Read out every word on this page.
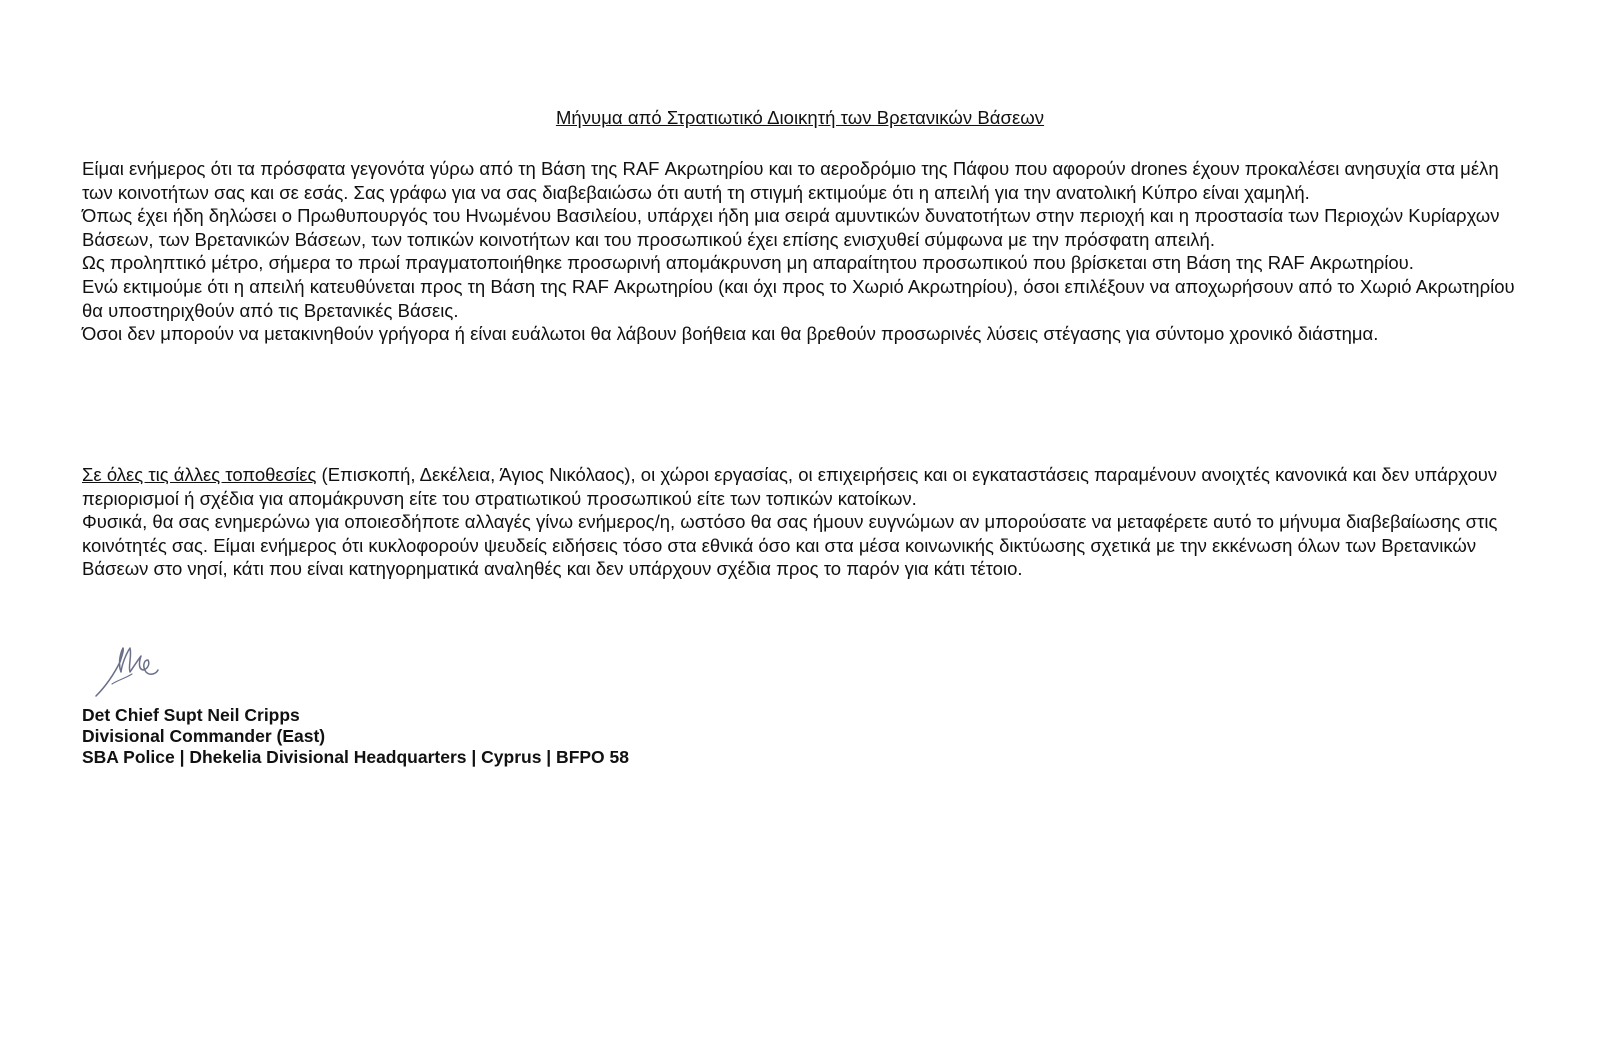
Μήνυμα από Στρατιωτικό Διοικητή των Βρετανικών Βάσεων

Είμαι ενήμερος ότι τα πρόσφατα γεγονότα γύρω από τη Βάση της RAF Ακρωτηρίου και το αεροδρόμιο της Πάφου που αφορούν drones έχουν προκαλέσει ανησυχία στα μέλη των κοινοτήτων σας και σε εσάς. Σας γράφω για να σας διαβεβαιώσω ότι αυτή τη στιγμή εκτιμούμε ότι η απειλή για την ανατολική Κύπρο είναι χαμηλή.

Όπως έχει ήδη δηλώσει ο Πρωθυπουργός του Ηνωμένου Βασιλείου, υπάρχει ήδη μια σειρά αμυντικών δυνατοτήτων στην περιοχή και η προστασία των Περιοχών Κυρίαρχων Βάσεων, των Βρετανικών Βάσεων, των τοπικών κοινοτήτων και του προσωπικού έχει επίσης ενισχυθεί σύμφωνα με την πρόσφατη απειλή.

Ως προληπτικό μέτρο, σήμερα το πρωί πραγματοποιήθηκε προσωρινή απομάκρυνση μη απαραίτητου προσωπικού που βρίσκεται στη Βάση της RAF Ακρωτηρίου.

Ενώ εκτιμούμε ότι η απειλή κατευθύνεται προς τη Βάση της RAF Ακρωτηρίου (και όχι προς το Χωριό Ακρωτηρίου), όσοι επιλέξουν να αποχωρήσουν από το Χωριό Ακρωτηρίου θα υποστηριχθούν από τις Βρετανικές Βάσεις.

Όσοι δεν μπορούν να μετακινηθούν γρήγορα ή είναι ευάλωτοι θα λάβουν βοήθεια και θα βρεθούν προσωρινές λύσεις στέγασης για σύντομο χρονικό διάστημα.

Σε όλες τις άλλες τοποθεσίες (Επισκοπή, Δεκέλεια, Άγιος Νικόλαος), οι χώροι εργασίας, οι επιχειρήσεις και οι εγκαταστάσεις παραμένουν ανοιχτές κανονικά και δεν υπάρχουν περιορισμοί ή σχέδια για απομάκρυνση είτε του στρατιωτικού προσωπικού είτε των τοπικών κατοίκων.

Φυσικά, θα σας ενημερώνω για οποιεσδήποτε αλλαγές γίνω ενήμερος/η, ωστόσο θα σας ήμουν ευγνώμων αν μπορούσατε να μεταφέρετε αυτό το μήνυμα διαβεβαίωσης στις κοινότητές σας. Είμαι ενήμερος ότι κυκλοφορούν ψευδείς ειδήσεις τόσο στα εθνικά όσο και στα μέσα κοινωνικής δικτύωσης σχετικά με την εκκένωση όλων των Βρετανικών Βάσεων στο νησί, κάτι που είναι κατηγορηματικά αναληθές και δεν υπάρχουν σχέδια προς το παρόν για κάτι τέτοιο.

Det Chief Supt Neil Cripps
Divisional Commander (East)
SBA Police | Dhekelia Divisional Headquarters | Cyprus | BFPO 58
